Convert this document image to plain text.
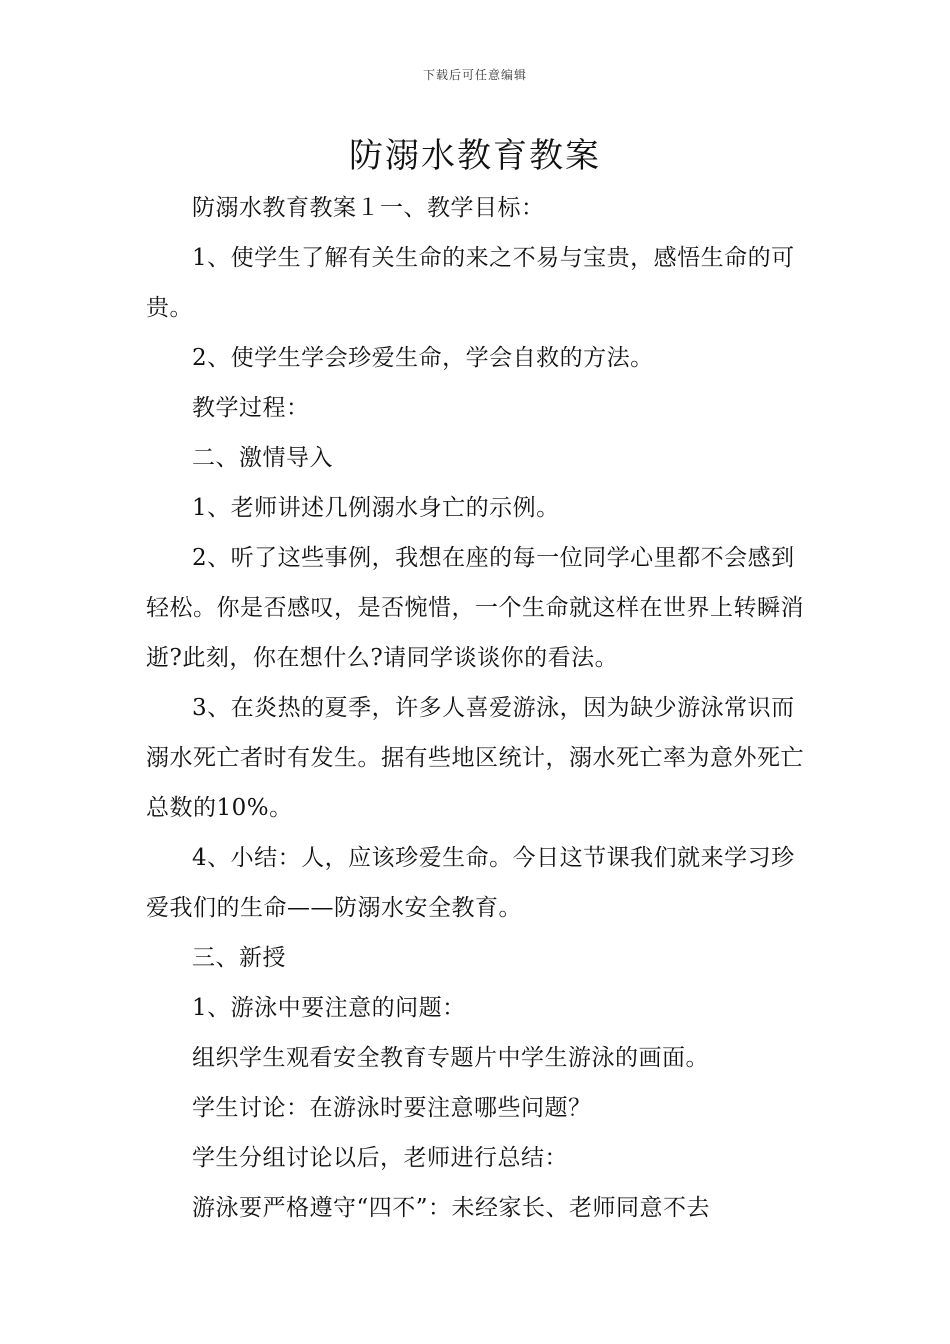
下载后可任意编辑
防溺水教育教案

防溺水教育教案１一、教学目标：

1、使学生了解有关生命的来之不易与宝贵，感悟生命的可贵。

2、使学生学会珍爱生命，学会自救的方法。

教学过程：

二、激情导入

1、老师讲述几例溺水身亡的示例。

2、听了这些事例，我想在座的每一位同学心里都不会感到轻松。你是否感叹，是否惋惜，一个生命就这样在世界上转瞬消逝?此刻，你在想什么?请同学谈谈你的看法。

3、在炎热的夏季，许多人喜爱游泳，因为缺少游泳常识而溺水死亡者时有发生。据有些地区统计，溺水死亡率为意外死亡总数的10%。

4、小结：人，应该珍爱生命。今日这节课我们就来学习珍爱我们的生命——防溺水安全教育。

三、新授

1、游泳中要注意的问题：

组织学生观看安全教育专题片中学生游泳的画面。

学生讨论：在游泳时要注意哪些问题？

学生分组讨论以后，老师进行总结：

游泳要严格遵守“四不”：未经家长、老师同意不去
